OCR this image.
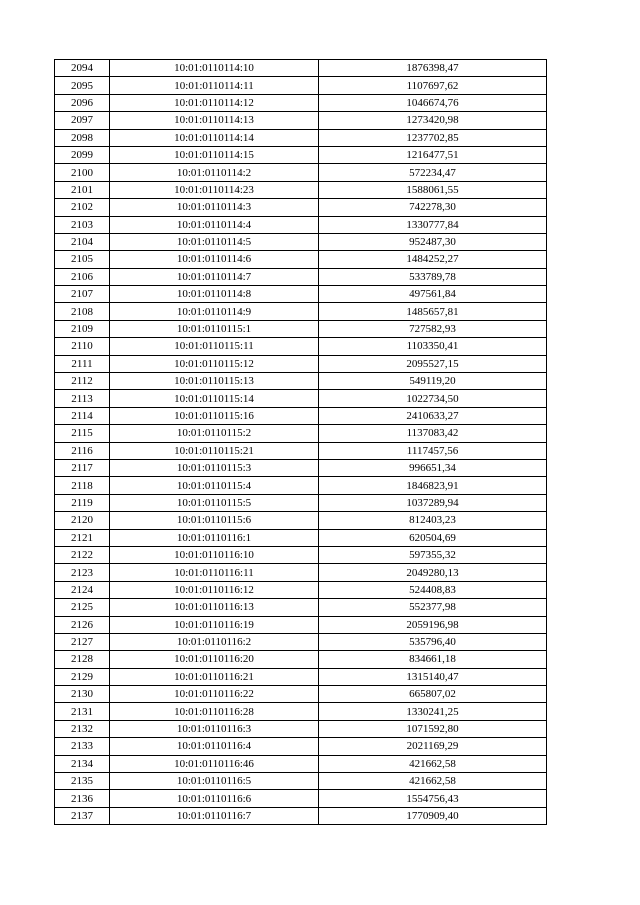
2094	10:01:0110114:10	1876398,47
2095	10:01:0110114:11	1107697,62
2096	10:01:0110114:12	1046674,76
2097	10:01:0110114:13	1273420,98
2098	10:01:0110114:14	1237702,85
2099	10:01:0110114:15	1216477,51
2100	10:01:0110114:2	572234,47
2101	10:01:0110114:23	1588061,55
2102	10:01:0110114:3	742278,30
2103	10:01:0110114:4	1330777,84
2104	10:01:0110114:5	952487,30
2105	10:01:0110114:6	1484252,27
2106	10:01:0110114:7	533789,78
2107	10:01:0110114:8	497561,84
2108	10:01:0110114:9	1485657,81
2109	10:01:0110115:1	727582,93
2110	10:01:0110115:11	1103350,41
2111	10:01:0110115:12	2095527,15
2112	10:01:0110115:13	549119,20
2113	10:01:0110115:14	1022734,50
2114	10:01:0110115:16	2410633,27
2115	10:01:0110115:2	1137083,42
2116	10:01:0110115:21	1117457,56
2117	10:01:0110115:3	996651,34
2118	10:01:0110115:4	1846823,91
2119	10:01:0110115:5	1037289,94
2120	10:01:0110115:6	812403,23
2121	10:01:0110116:1	620504,69
2122	10:01:0110116:10	597355,32
2123	10:01:0110116:11	2049280,13
2124	10:01:0110116:12	524408,83
2125	10:01:0110116:13	552377,98
2126	10:01:0110116:19	2059196,98
2127	10:01:0110116:2	535796,40
2128	10:01:0110116:20	834661,18
2129	10:01:0110116:21	1315140,47
2130	10:01:0110116:22	665807,02
2131	10:01:0110116:28	1330241,25
2132	10:01:0110116:3	1071592,80
2133	10:01:0110116:4	2021169,29
2134	10:01:0110116:46	421662,58
2135	10:01:0110116:5	421662,58
2136	10:01:0110116:6	1554756,43
2137	10:01:0110116:7	1770909,40
